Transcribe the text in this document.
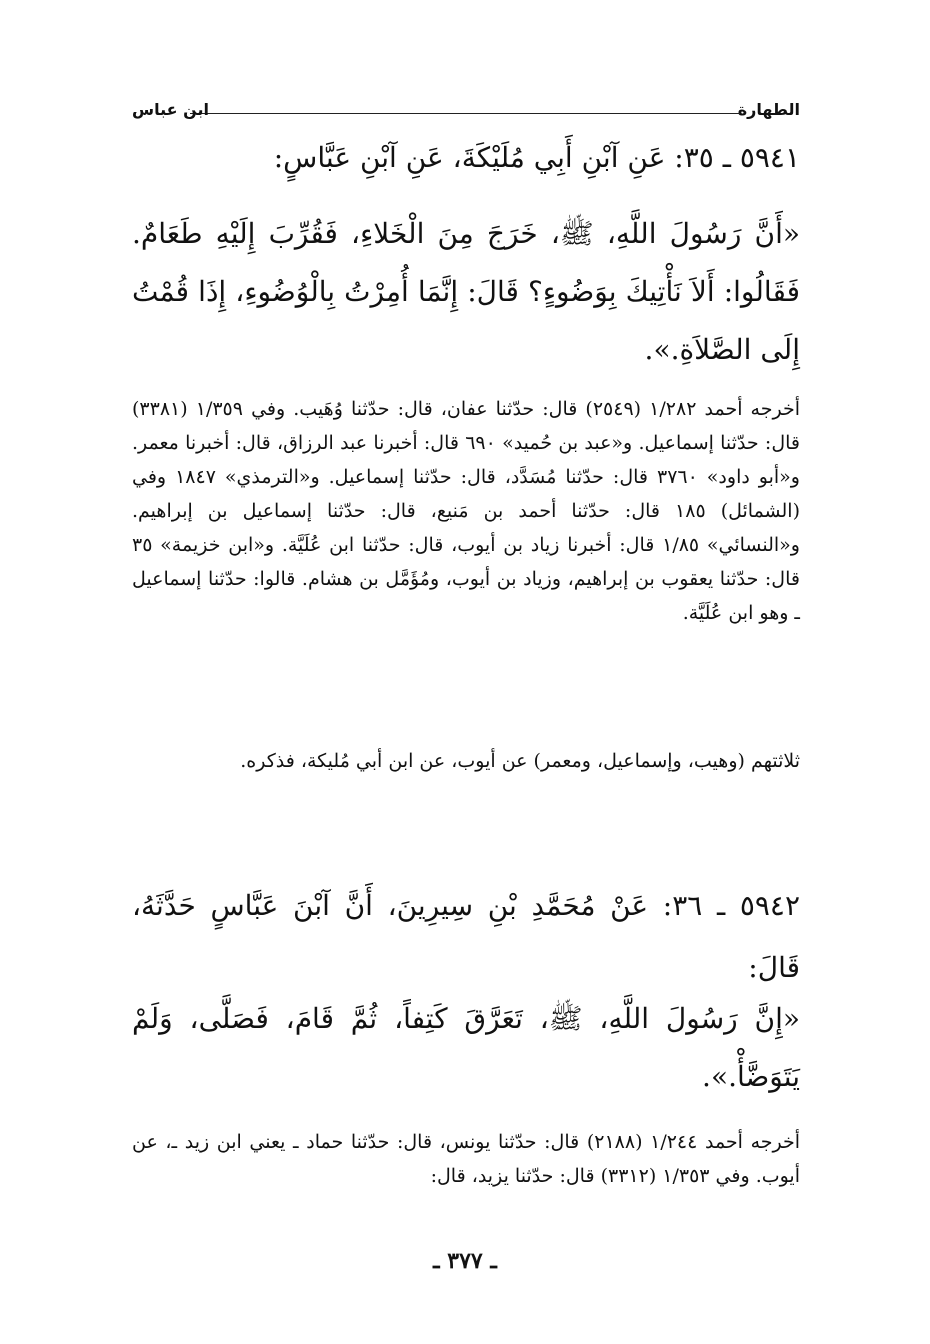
الطهارة
ابن عباس
٥٩٤١ ـ ٣٥: عَنِ آبْنِ أَبِي مُلَيْكَةَ، عَنِ آبْنِ عَبَّاسٍ:
«أَنَّ رَسُولَ اللَّهِ، ﷺ، خَرَجَ مِنَ الْخَلاءِ، فَقُرِّبَ إِلَيْهِ طَعَامٌ. فَقَالُوا: أَلاَ نَأْتِيكَ بِوَضُوءٍ؟ قَالَ: إِنَّمَا أُمِرْتُ بِالْوُضُوءِ، إِذَا قُمْتُ إِلَى الصَّلاَةِ.».
أخرجه أحمد ١/٢٨٢ (٢٥٤٩) قال: حدّثنا عفان، قال: حدّثنا وُهَيب. وفي ١/٣٥٩ (٣٣٨١) قال: حدّثنا إسماعيل. و«عبد بن حُميد» ٦٩٠ قال: أخبرنا عبد الرزاق، قال: أخبرنا معمر. و«أبو داود» ٣٧٦٠ قال: حدّثنا مُسَدَّد، قال: حدّثنا إسماعيل. و«الترمذي» ١٨٤٧ وفي (الشمائل) ١٨٥ قال: حدّثنا أحمد بن مَنيع، قال: حدّثنا إسماعيل بن إبراهيم. و«النسائي» ١/٨٥ قال: أخبرنا زياد بن أيوب، قال: حدّثنا ابن عُلَيَّة. و«ابن خزيمة» ٣٥ قال: حدّثنا يعقوب بن إبراهيم، وزياد بن أيوب، ومُؤَمَّل بن هشام. قالوا: حدّثنا إسماعيل ـ وهو ابن عُلَيَّة.
ثلاثتهم (وهيب، وإسماعيل، ومعمر) عن أيوب، عن ابن أبي مُليكة، فذكره.
٥٩٤٢ ـ ٣٦: عَنْ مُحَمَّدِ بْنِ سِيرِينَ، أَنَّ آبْنَ عَبَّاسٍ حَدَّثَهُ، قَالَ:
«إِنَّ رَسُولَ اللَّهِ، ﷺ، تَعَرَّقَ كَتِفاً، ثُمَّ قَامَ، فَصَلَّى، وَلَمْ يَتَوَضَّأْ.».
أخرجه أحمد ١/٢٤٤ (٢١٨٨) قال: حدّثنا يونس، قال: حدّثنا حماد ـ يعني ابن زيد ـ، عن أيوب. وفي ١/٣٥٣ (٣٣١٢) قال: حدّثنا يزيد، قال:
ـ ٣٧٧ ـ
